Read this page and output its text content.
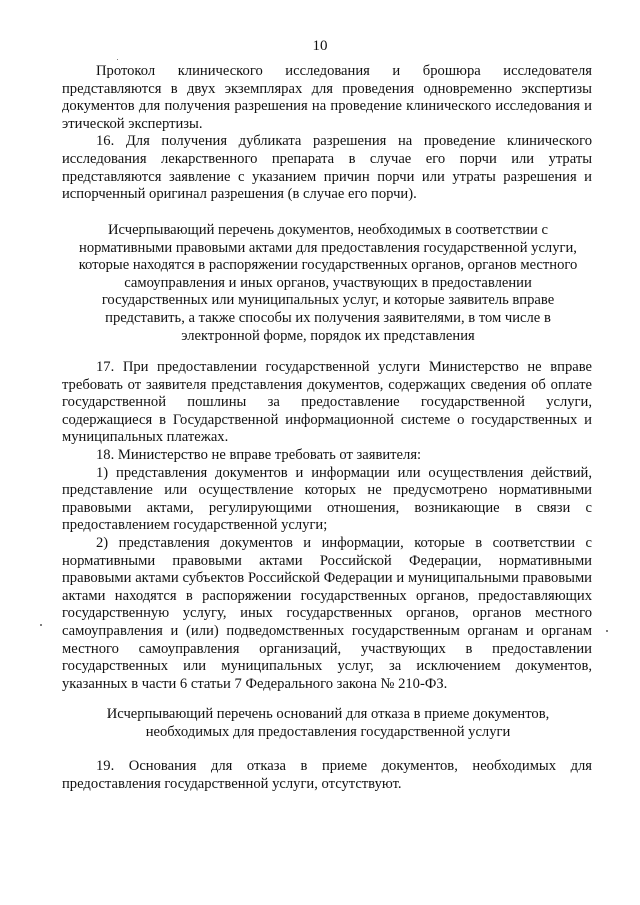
10

Протокол клинического исследования и брошюра исследователя представляются в двух экземплярах для проведения одновременно экспертизы документов для получения разрешения на проведение клинического исследования и этической экспертизы.

16. Для получения дубликата разрешения на проведение клинического исследования лекарственного препарата в случае его порчи или утраты представляются заявление с указанием причин порчи или утраты разрешения и испорченный оригинал разрешения (в случае его порчи).

Исчерпывающий перечень документов, необходимых в соответствии с нормативными правовыми актами для предоставления государственной услуги, которые находятся в распоряжении государственных органов, органов местного самоуправления и иных органов, участвующих в предоставлении государственных или муниципальных услуг, и которые заявитель вправе представить, а также способы их получения заявителями, в том числе в электронной форме, порядок их представления

17. При предоставлении государственной услуги Министерство не вправе требовать от заявителя представления документов, содержащих сведения об оплате государственной пошлины за предоставление государственной услуги, содержащиеся в Государственной информационной системе о государственных и муниципальных платежах.

18. Министерство не вправе требовать от заявителя:

1) представления документов и информации или осуществления действий, представление или осуществление которых не предусмотрено нормативными правовыми актами, регулирующими отношения, возникающие в связи с предоставлением государственной услуги;

2) представления документов и информации, которые в соответствии с нормативными правовыми актами Российской Федерации, нормативными правовыми актами субъектов Российской Федерации и муниципальными правовыми актами находятся в распоряжении государственных органов, предоставляющих государственную услугу, иных государственных органов, органов местного самоуправления и (или) подведомственных государственным органам и органам местного самоуправления организаций, участвующих в предоставлении государственных или муниципальных услуг, за исключением документов, указанных в части 6 статьи 7 Федерального закона № 210-ФЗ.

Исчерпывающий перечень оснований для отказа в приеме документов, необходимых для предоставления государственной услуги

19. Основания для отказа в приеме документов, необходимых для предоставления государственной услуги, отсутствуют.
